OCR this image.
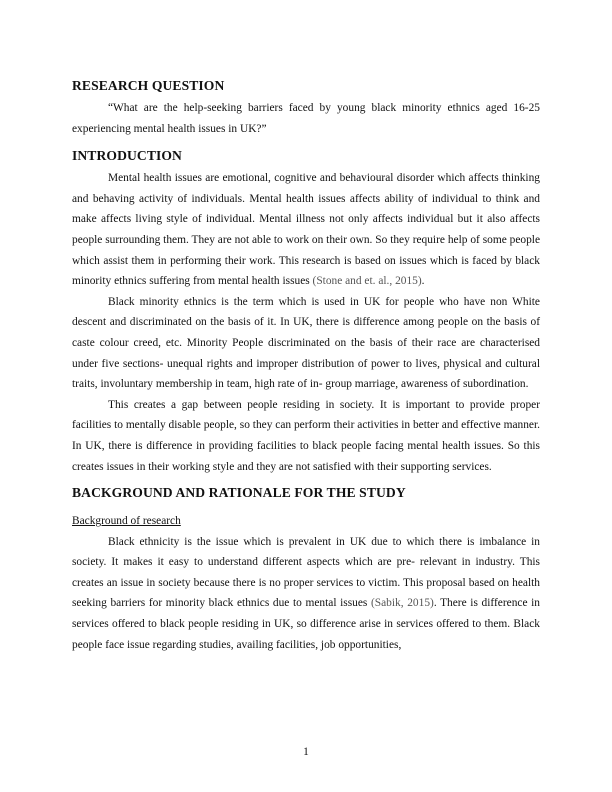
RESEARCH QUESTION

“What are the help-seeking barriers faced by young black minority ethnics aged 16-25 experiencing mental health issues in UK?”

INTRODUCTION

Mental health issues are emotional, cognitive and behavioural disorder which affects thinking and behaving activity of individuals. Mental health issues affects ability of individual to think and make affects living style of individual. Mental illness not only affects individual but it also affects people surrounding them. They are not able to work on their own. So they require help of some people which assist them in performing their work. This research is based on issues which is faced by black minority ethnics suffering from mental health issues (Stone and et. al., 2015).

Black minority ethnics is the term which is used in UK for people who have non White descent and discriminated on the basis of it. In UK, there is difference among people on the basis of caste colour creed, etc. Minority People discriminated on the basis of their race are characterised under five sections- unequal rights and improper distribution of power to lives, physical and cultural traits, involuntary membership in team, high rate of in- group marriage, awareness of subordination.

This creates a gap between people residing in society. It is important to provide proper facilities to mentally disable people, so they can perform their activities in better and effective manner. In UK, there is difference in providing facilities to black people facing mental health issues. So this creates issues in their working style and they are not satisfied with their supporting services.

BACKGROUND AND RATIONALE FOR THE STUDY

Background of research

Black ethnicity is the issue which is prevalent in UK due to which there is imbalance in society. It makes it easy to understand different aspects which are pre- relevant in industry. This creates an issue in society because there is no proper services to victim. This proposal based on health seeking barriers for minority black ethnics due to mental issues (Sabik, 2015). There is difference in services offered to black people residing in UK, so difference arise in services offered to them. Black people face issue regarding studies, availing facilities, job opportunities,

1
